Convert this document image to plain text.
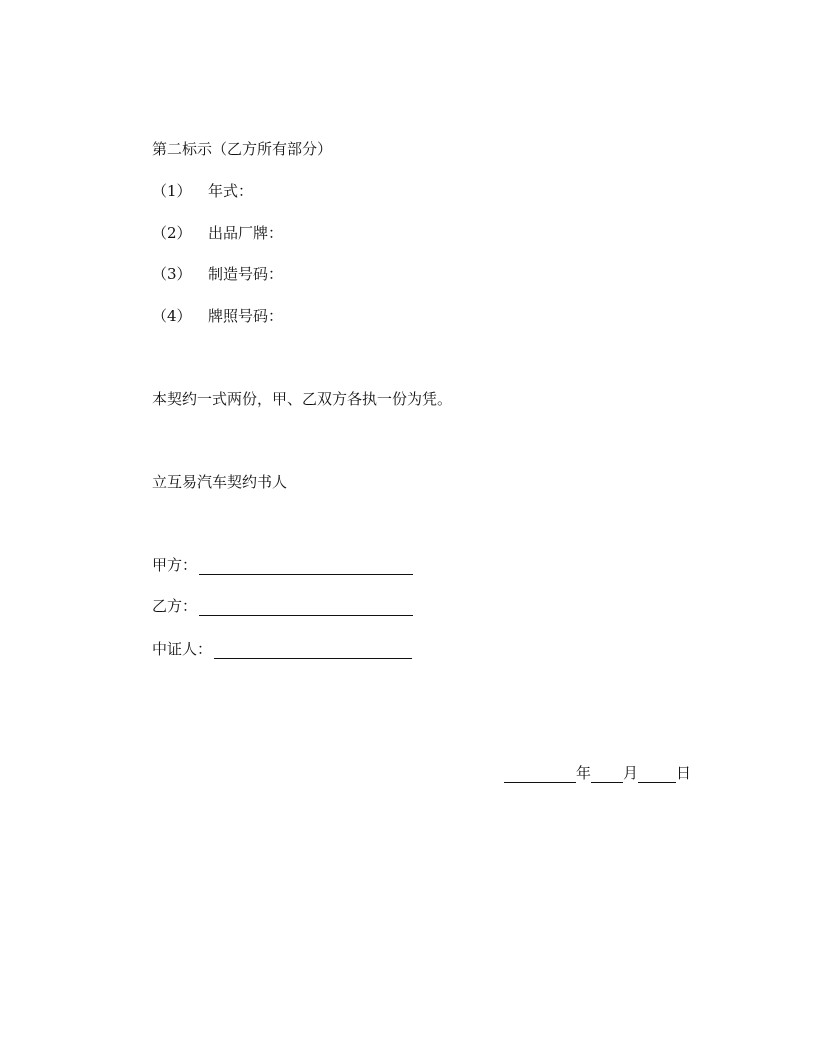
第二标示（乙方所有部分）
（1） 年式：
（2） 出品厂牌：
（3） 制造号码：
（4） 牌照号码：
本契约一式两份，甲、乙双方各执一份为凭。
立互易汽车契约书人
甲方：
乙方：
中证人：
年 月	日
